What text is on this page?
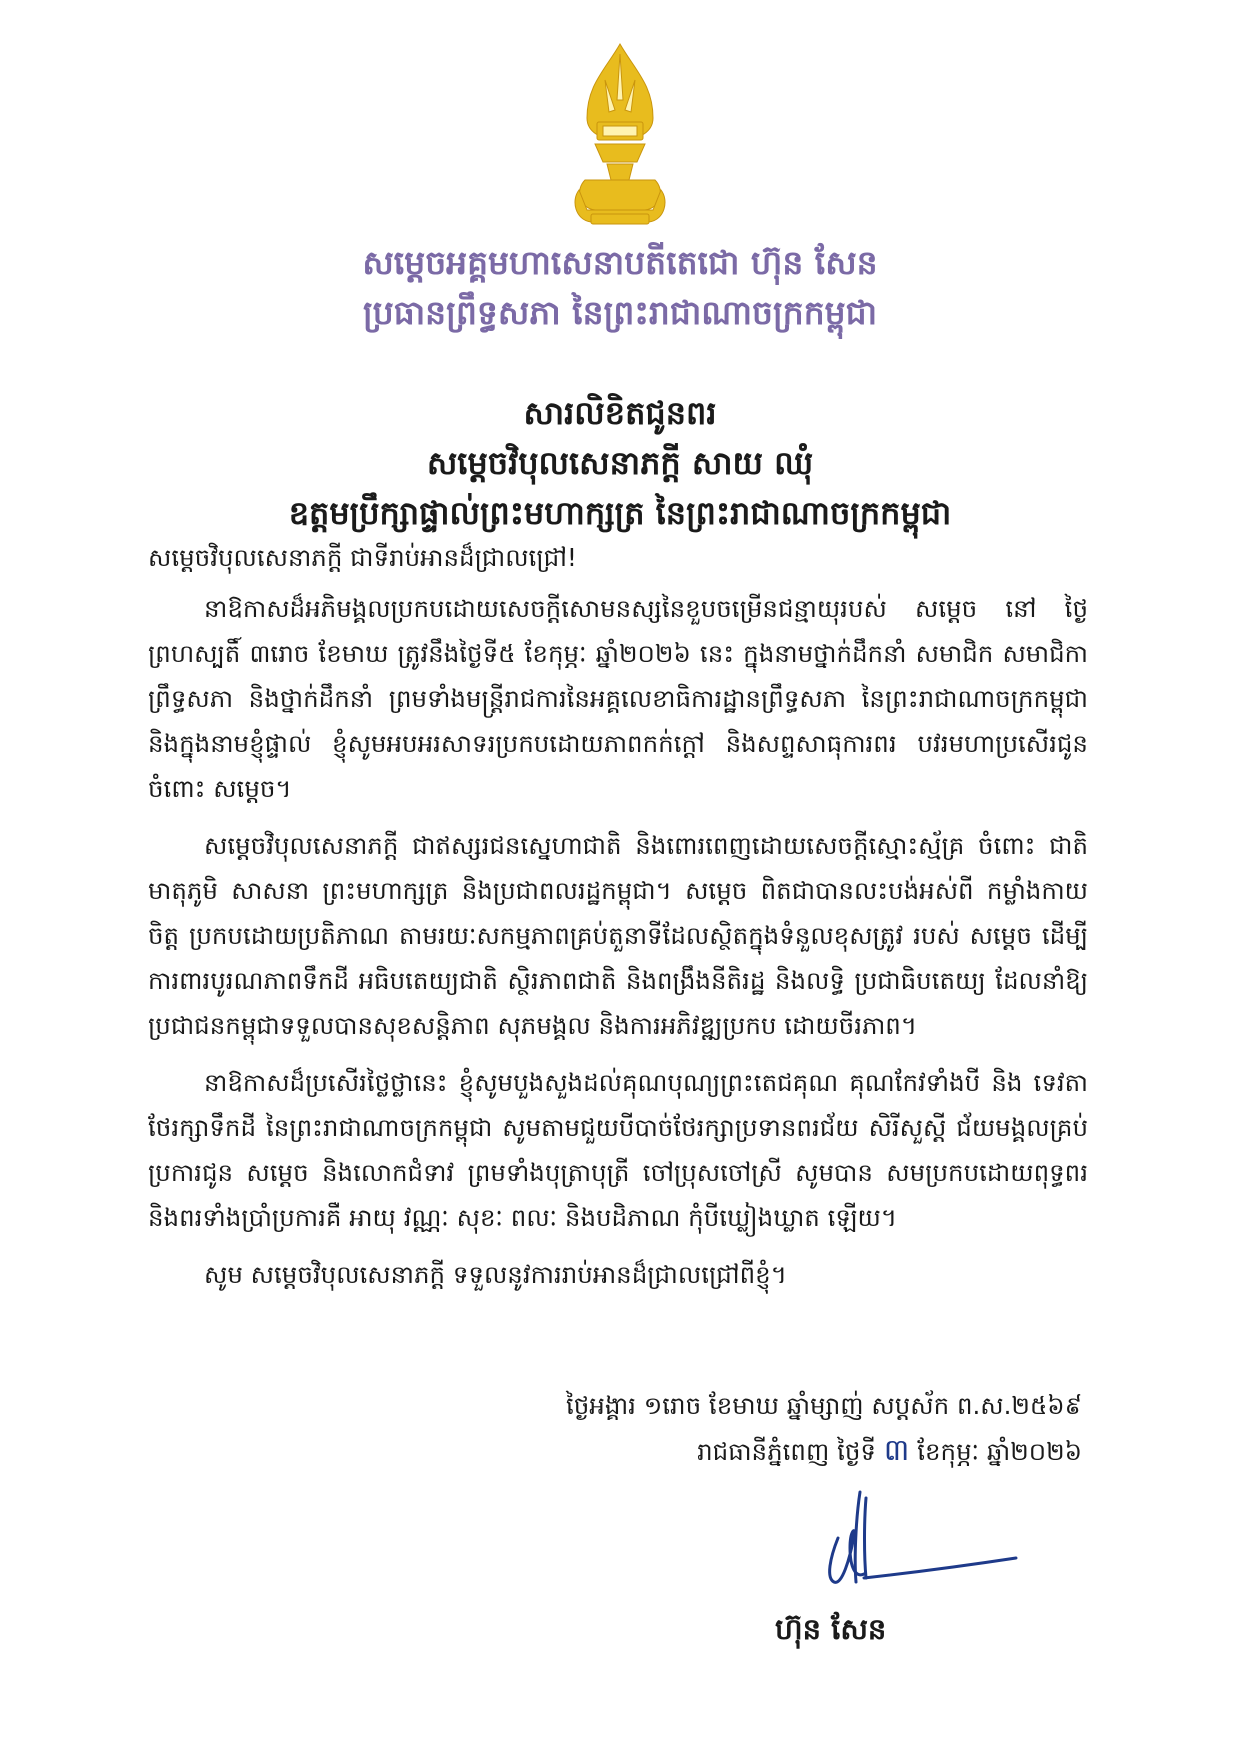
សម្តេចអគ្គមហាសេនាបតីតេជោ ហ៊ុន សែន
ប្រធានព្រឹទ្ធសភា នៃព្រះរាជាណាចក្រកម្ពុជា
សារលិខិតជូនពរ
សម្តេចវិបុលសេនាភក្តី សាយ ឈុំ
ឧត្តមប្រឹក្សាផ្ទាល់ព្រះមហាក្សត្រ នៃព្រះរាជាណាចក្រកម្ពុជា

សម្តេចវិបុលសេនាភក្តី ជាទីរាប់អានដ៏ជ្រាលជ្រៅ!

នាឱកាសដ៏អភិមង្គលប្រកបដោយសេចក្តីសោមនស្សនៃខួបចម្រើនជន្មាយុរបស់ សម្តេច នៅ ថ្ងៃព្រហស្បតិ៍ ៣រោច ខែមាឃ ត្រូវនឹងថ្ងៃទី៥ ខែកុម្ភៈ ឆ្នាំ២០២៦ នេះ ក្នុងនាមថ្នាក់ដឹកនាំ សមាជិក សមាជិកាព្រឹទ្ធសភា និងថ្នាក់ដឹកនាំ ព្រមទាំងមន្ត្រីរាជការនៃអគ្គលេខាធិការដ្ឋានព្រឹទ្ធសភា នៃព្រះរាជាណាចក្រកម្ពុជា និងក្នុងនាមខ្ញុំផ្ទាល់ ខ្ញុំសូមអបអរសាទរប្រកបដោយភាពកក់ក្តៅ និងសព្ទសាធុការពរ បវរមហាប្រសើរជូនចំពោះ សម្តេច។

សម្តេចវិបុលសេនាភក្តី ជាឥស្សរជនស្នេហាជាតិ និងពោរពេញដោយសេចក្តីស្មោះស្ម័គ្រ ចំពោះ ជាតិមាតុភូមិ សាសនា ព្រះមហាក្សត្រ និងប្រជាពលរដ្ឋកម្ពុជា។ សម្តេច ពិតជាបានលះបង់អស់ពី កម្លាំងកាយ ចិត្ត ប្រកបដោយប្រតិភាណ តាមរយៈសកម្មភាពគ្រប់តួនាទីដែលស្ថិតក្នុងទំនួលខុសត្រូវ របស់ សម្តេច ដើម្បីការពារបូរណភាពទឹកដី អធិបតេយ្យជាតិ ស្ថិរភាពជាតិ និងពង្រឹងនីតិរដ្ឋ និងលទ្ធិ ប្រជាធិបតេយ្យ ដែលនាំឱ្យប្រជាជនកម្ពុជាទទួលបានសុខសន្តិភាព សុភមង្គល និងការអភិវឌ្ឍប្រកប ដោយចីរភាព។

នាឱកាសដ៏ប្រសើរថ្លៃថ្លានេះ ខ្ញុំសូមបួងសួងដល់គុណបុណ្យព្រះតេជគុណ គុណកែវទាំងបី និង ទេវតាថែរក្សាទឹកដី នៃព្រះរាជាណាចក្រកម្ពុជា សូមតាមជួយបីបាច់ថែរក្សាប្រទានពរជ័យ សិរីសួស្តី ជ័យមង្គលគ្រប់ប្រការជូន សម្តេច និងលោកជំទាវ ព្រមទាំងបុត្រាបុត្រី ចៅប្រុសចៅស្រី សូមបាន សមប្រកបដោយពុទ្ធពរ និងពរទាំងប្រាំប្រការគឺ អាយុ វណ្ណៈ សុខៈ ពលៈ និងបដិភាណ កុំបីឃ្លៀងឃ្លាត ឡើយ។

សូម សម្តេចវិបុលសេនាភក្តី ទទួលនូវការរាប់អានដ៏ជ្រាលជ្រៅពីខ្ញុំ។

ថ្ងៃអង្គារ ១រោច ខែមាឃ ឆ្នាំម្សាញ់ សប្តស័ក ព.ស.២៥៦៩
រាជធានីភ្នំពេញ ថ្ងៃទី ៣ ខែកុម្ភៈ ឆ្នាំ២០២៦
ហ៊ុន សែន
